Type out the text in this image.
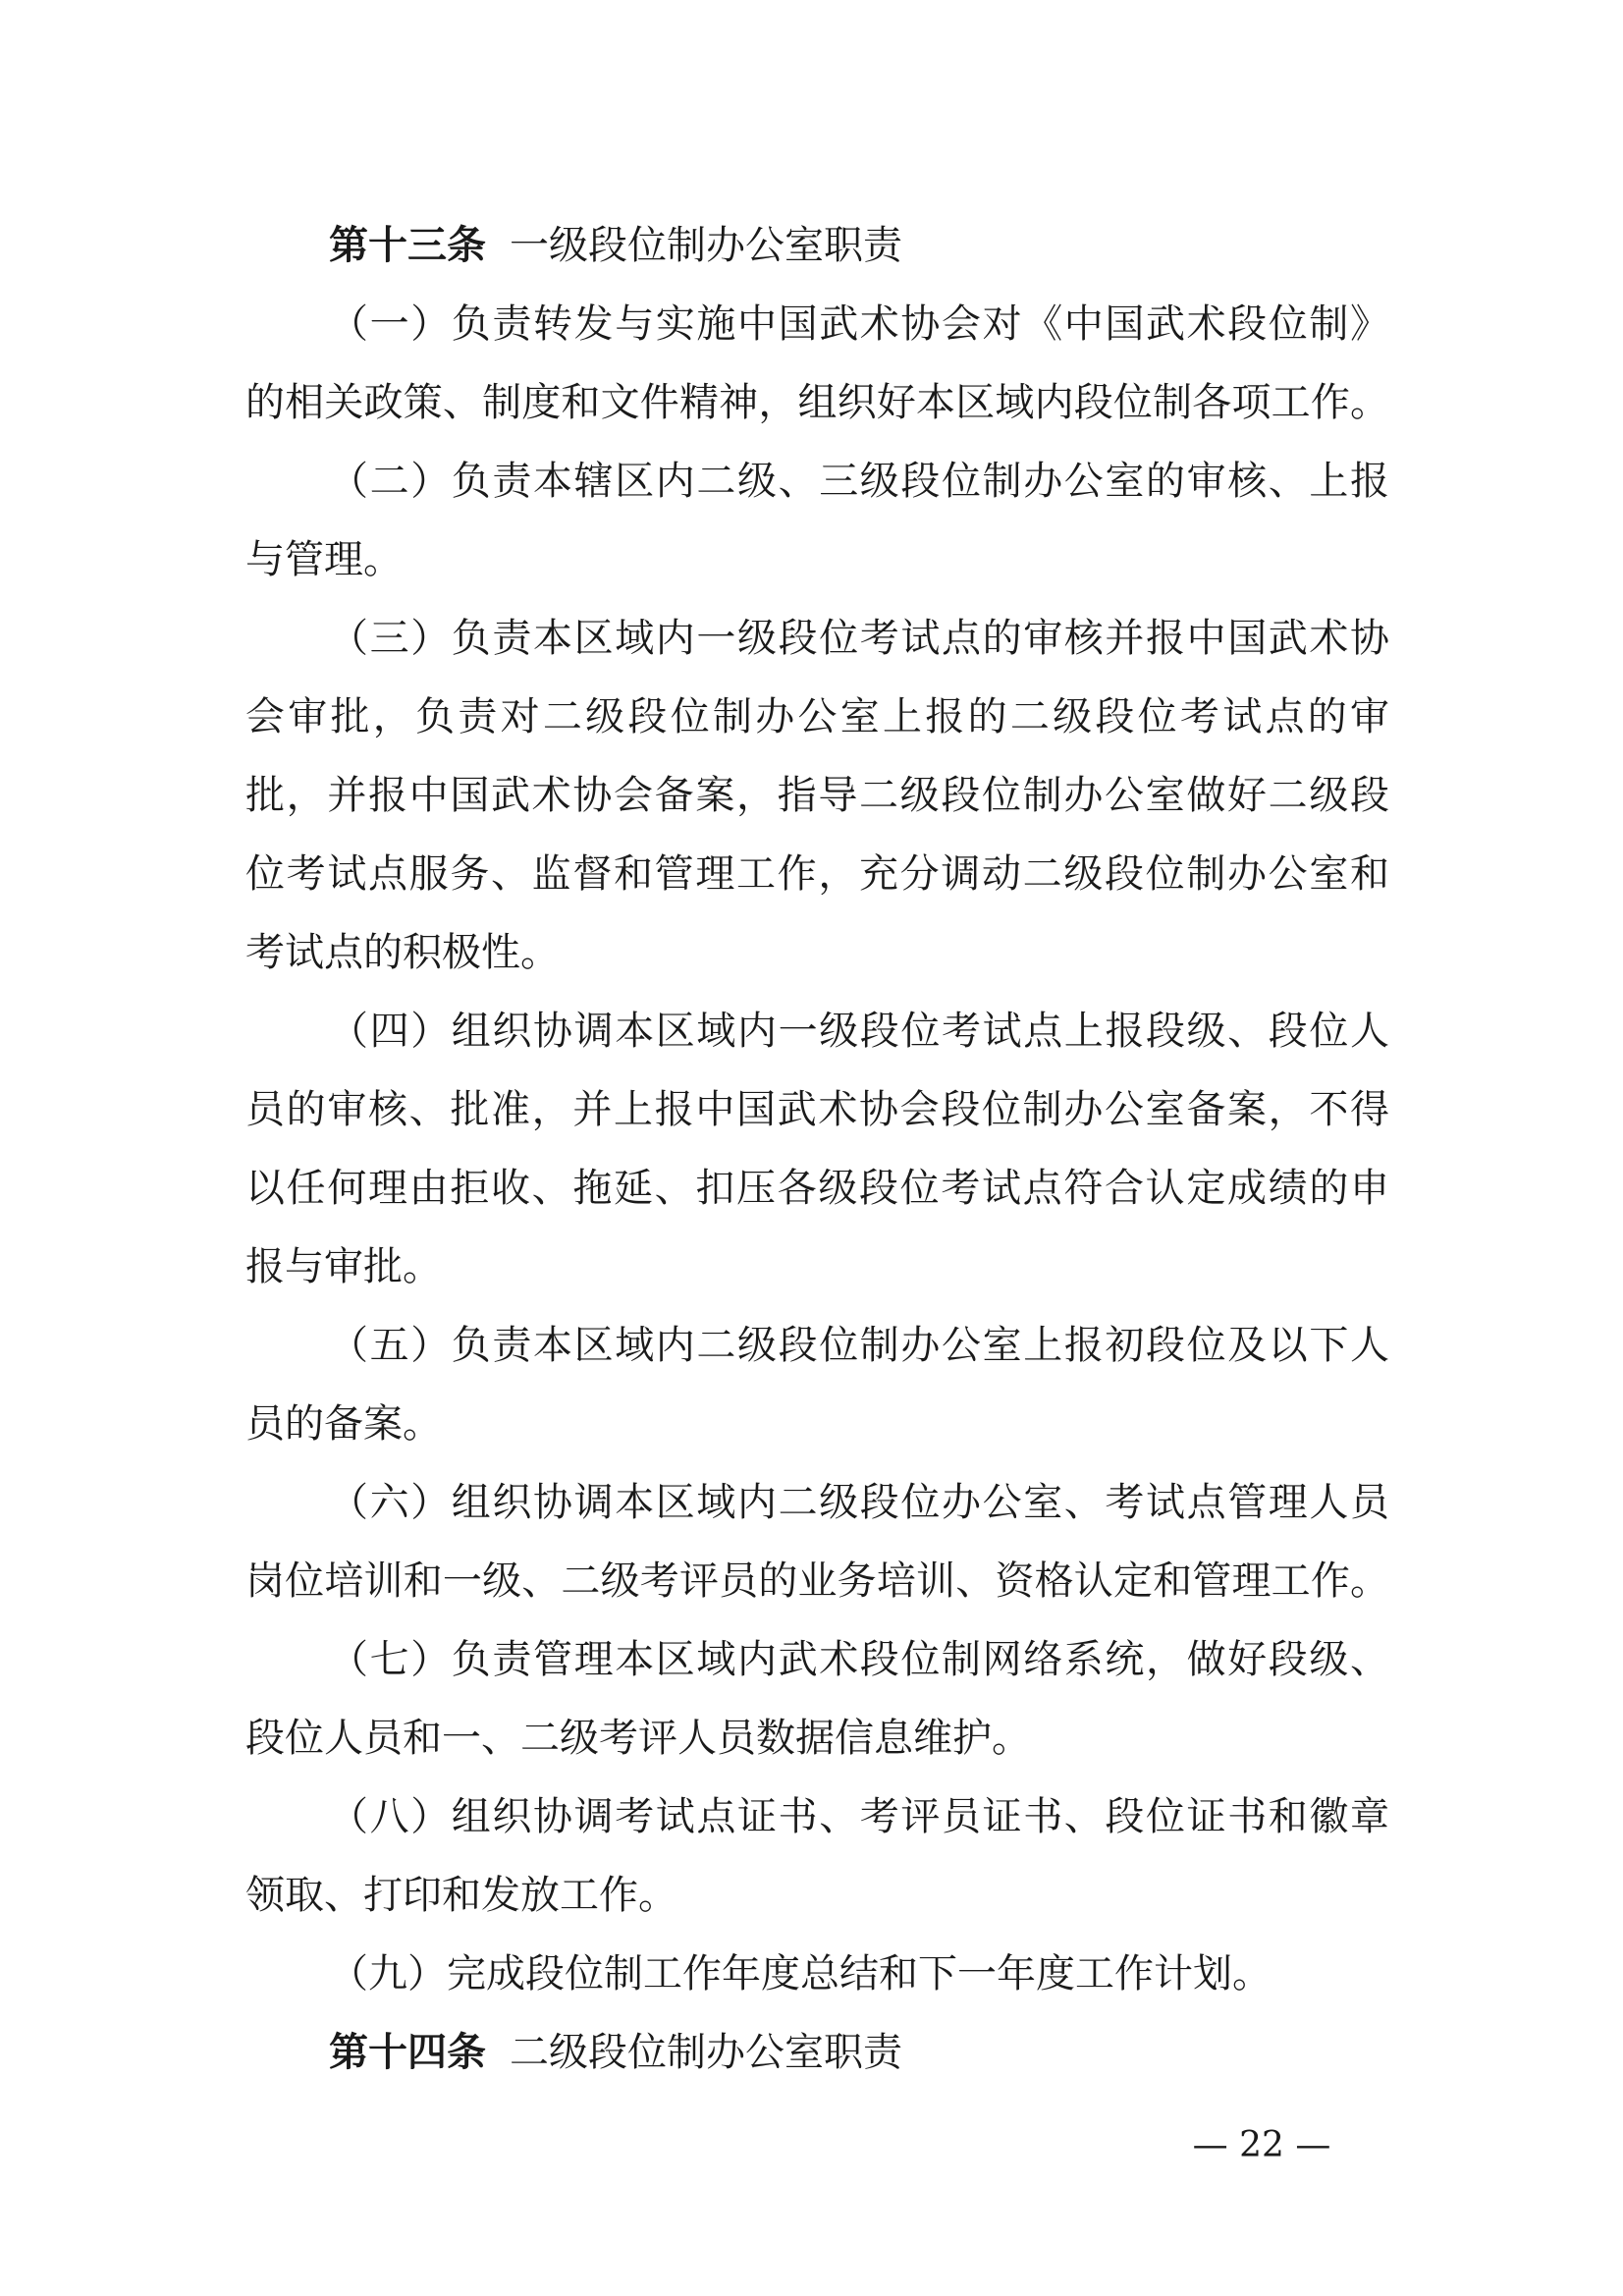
第十三条 一级段位制办公室职责
（一）负责转发与实施中国武术协会对《中国武术段位制》
的相关政策、制度和文件精神，组织好本区域内段位制各项工作。
（二）负责本辖区内二级、三级段位制办公室的审核、上报
与管理。
（三）负责本区域内一级段位考试点的审核并报中国武术协
会审批，负责对二级段位制办公室上报的二级段位考试点的审
批，并报中国武术协会备案，指导二级段位制办公室做好二级段
位考试点服务、监督和管理工作，充分调动二级段位制办公室和
考试点的积极性。
（四）组织协调本区域内一级段位考试点上报段级、段位人
员的审核、批准，并上报中国武术协会段位制办公室备案，不得
以任何理由拒收、拖延、扣压各级段位考试点符合认定成绩的申
报与审批。
（五）负责本区域内二级段位制办公室上报初段位及以下人
员的备案。
（六）组织协调本区域内二级段位办公室、考试点管理人员
岗位培训和一级、二级考评员的业务培训、资格认定和管理工作。
（七）负责管理本区域内武术段位制网络系统，做好段级、
段位人员和一、二级考评人员数据信息维护。
（八）组织协调考试点证书、考评员证书、段位证书和徽章
领取、打印和发放工作。
（九）完成段位制工作年度总结和下一年度工作计划。
第十四条 二级段位制办公室职责
— 22 —
